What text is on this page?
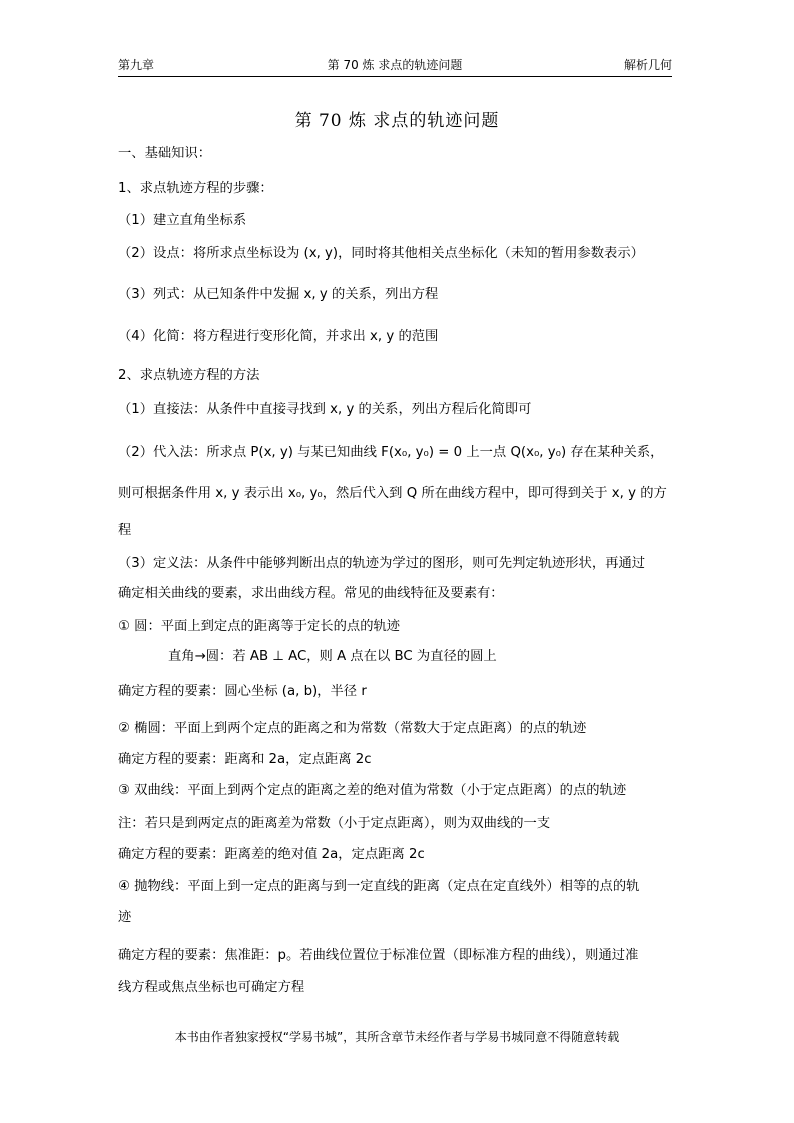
第九章	第 70 炼 求点的轨迹问题	解析几何
第 70 炼 求点的轨迹问题
一、基础知识：
1、求点轨迹方程的步骤：
（1）建立直角坐标系
（2）设点：将所求点坐标设为 (x, y)，同时将其他相关点坐标化（未知的暂用参数表示）
（3）列式：从已知条件中发掘 x, y 的关系，列出方程
（4）化简：将方程进行变形化简，并求出 x, y 的范围
2、求点轨迹方程的方法
（1）直接法：从条件中直接寻找到 x, y 的关系，列出方程后化简即可
（2）代入法：所求点 P(x, y) 与某已知曲线 F(x₀, y₀) = 0 上一点 Q(x₀, y₀) 存在某种关系，
则可根据条件用 x, y 表示出 x₀, y₀，然后代入到 Q 所在曲线方程中，即可得到关于 x, y 的方
程
（3）定义法：从条件中能够判断出点的轨迹为学过的图形，则可先判定轨迹形状，再通过
确定相关曲线的要素，求出曲线方程。常见的曲线特征及要素有：
① 圆：平面上到定点的距离等于定长的点的轨迹
直角→圆：若 AB ⊥ AC，则 A 点在以 BC 为直径的圆上
确定方程的要素：圆心坐标 (a, b)，半径 r
② 椭圆：平面上到两个定点的距离之和为常数（常数大于定点距离）的点的轨迹
确定方程的要素：距离和 2a，定点距离 2c
③ 双曲线：平面上到两个定点的距离之差的绝对值为常数（小于定点距离）的点的轨迹
注：若只是到两定点的距离差为常数（小于定点距离），则为双曲线的一支
确定方程的要素：距离差的绝对值 2a，定点距离 2c
④ 抛物线：平面上到一定点的距离与到一定直线的距离（定点在定直线外）相等的点的轨
迹
确定方程的要素：焦准距：p。若曲线位置位于标准位置（即标准方程的曲线），则通过准
线方程或焦点坐标也可确定方程
本书由作者独家授权“学易书城”，其所含章节未经作者与学易书城同意不得随意转载
